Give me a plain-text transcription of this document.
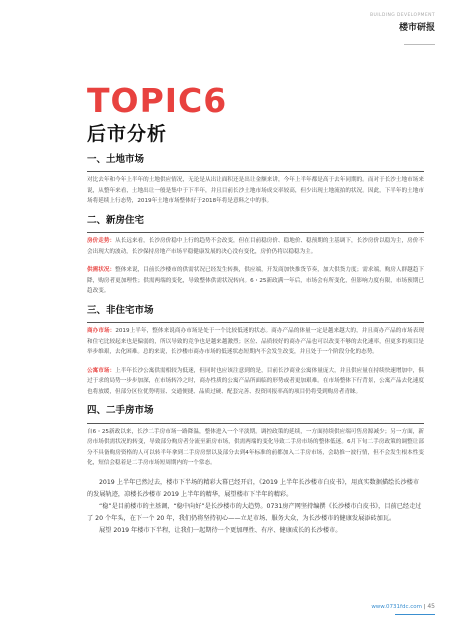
BUILDING DEVELOPMENT
楼市研报
TOPIC6
后市分析
一、土地市场

对比去年和今年上半年的土地供应情况，无论是从出让面积还是出让金额来讲，今年上半年都是高于去年同期的。而对于长沙土地市场来说，从整年来看，土地出让一般是集中于下半年，并且目前长沙土地市场成交率较高，但少出现土地流拍的状况。因此，下半年的土地市场将延续上行态势，2019年土地市场整体好于2018年将是意料之中的事。

二、新房住宅

房价走势：从长远来看，长沙房价稳中上行的趋势不会改变，但在目前稳房价、稳地价、稳预期的主基调下，长沙房价以稳为主，房价不会出现大的波动，长沙保持房地产市场平稳健康发展的决心没有变化，房价仍将以稳稳为主。

供需状况：整体来说，目前长沙楼市的供需状况已经发生转换，供应端，开发商加快推货节奏，加大供货力度；需求端，购房人群越趋下降，购房者更加理性；供需两端的变化，导致整体供需状况转向。6・25新政满一年后，市场会有所变化，但影响力度有限，市场预期已趋改变。

三、非住宅市场

商办市场：2019上半年，整体来说商办市场是处于一个比较低迷的状态。商办产品的体量一定是越来越大的，并且商办产品的市场表现和住宅比较起来也是偏弱的，所以导致的竞争也是越来越激烈；区位、品质较好的商办产品也可以改变不够的去化速率，但更多的项目是举步维艰，去化困难。总的来说，长沙楼市商办市场的低迷状态短期内不会发生改变，并且处于一个阶段分化的态势。

公寓市场：上半年长沙公寓供需相较为低迷，但同时也应该注意到的是，目前长沙商业公寓体量庞大，并且供应量在持续快速增加中，俱过于求的局势一步步加深，在市场转冷之时，商办性质的公寓产品所面临的形势或者更加艰难。在市场整体下行背景，公寓产品去化速度也将放缓，但部分区位优势明显、交通便捷、品质过硬、配套完善、投资回报率高的项目仍将受到购房者青睐。

四、二手房市场

自6・25新政以来，长沙二手房市场一路降温，整体进入一个平淡期。调控政策的延续，一方面持续供应端可售房源减少；另一方面，新房市场供需状况的转变，导致部分购房者分流至新房市场，供需两端的变化导致二手房市场的整体低迷。6月下旬二手房政策的调整让部分不具备购房资格的人可以转半年拿到二手房房票以及部分去到4年标准的前都加入二手房市场，会助推一波行情，但不会发生根本性变化，短信会稳着是二手房市场短周期内的一个常态。

2019 上半年已然过去，楼市下半场的精彩大幕已经开启，《2019 上半年长沙楼市白皮书》，用真实数据描绘长沙楼市的发展轨迹，凉楼长沙楼市 2019 上半年的精华，展望楼市下半年的精彩。

“稳”是目前楼市的主基调，“稳中向好”是长沙楼市的大趋势。0731房产网坚持编撰《长沙楼市白皮书》，目前已经走过了 20 个年头，在下一个 20 年，我们仍将坚持初心——立足市场、服务大众，为长沙楼市的健康发展添砖加瓦。

展望 2019 年楼市下半程，让我们一起期待一个更加理性、有序、健康成长的长沙楼市。

www.0731fdc.com | 45
